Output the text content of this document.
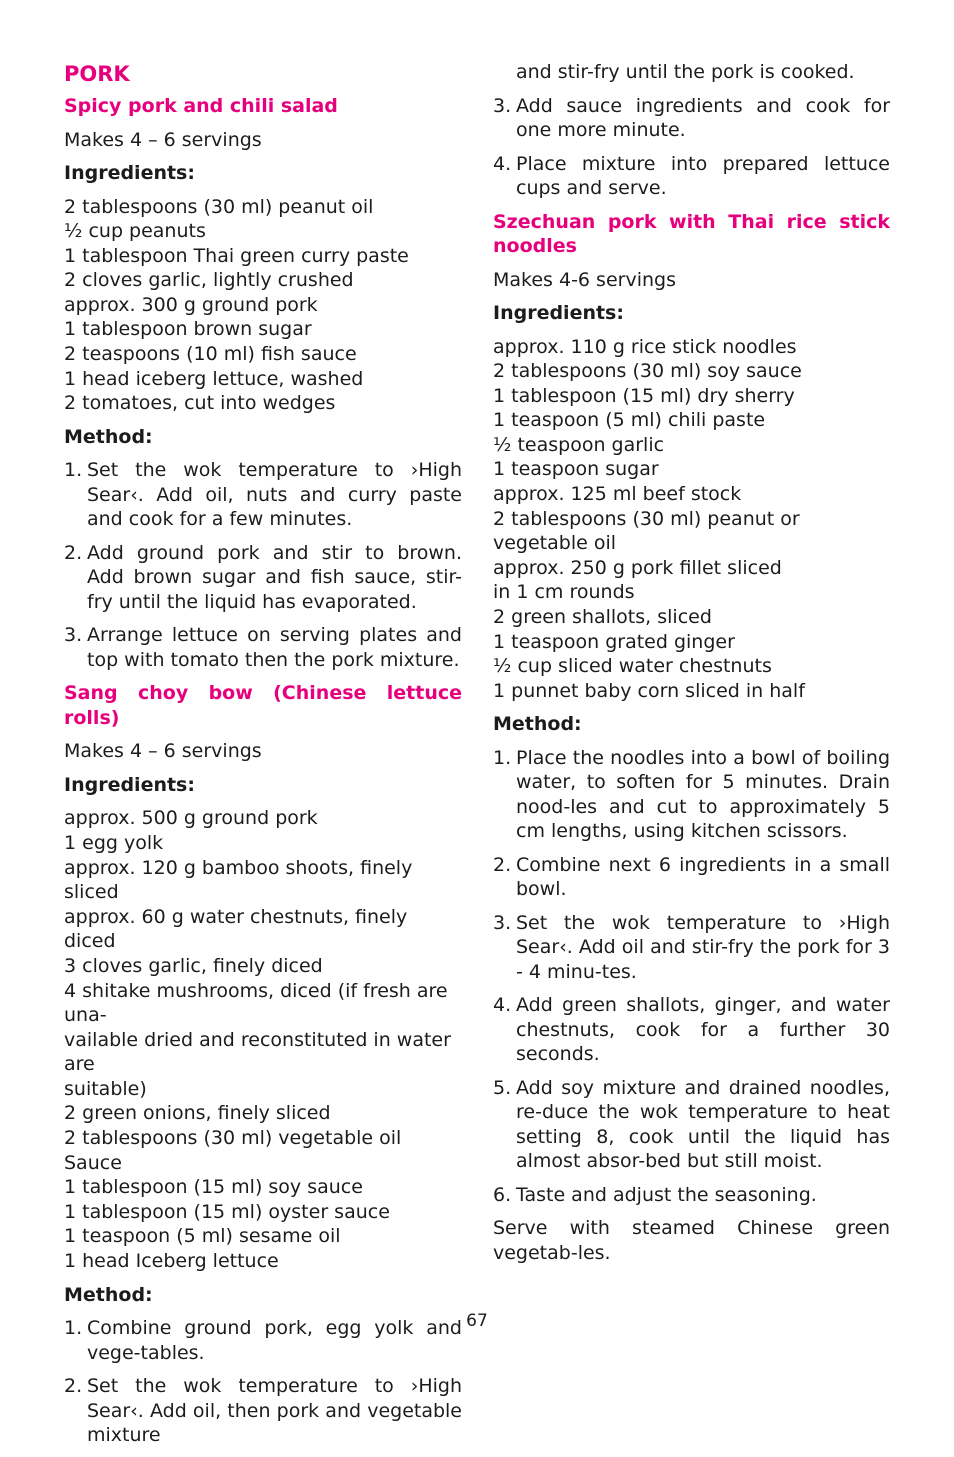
PORK
Spicy pork and chili salad
Makes 4 – 6 servings
Ingredients:
2 tablespoons (30 ml) peanut oil
½ cup peanuts
1 tablespoon Thai green curry paste
2 cloves garlic, lightly crushed
approx. 300 g ground pork
1 tablespoon brown sugar
2 teaspoons (10 ml) fish sauce
1 head iceberg lettuce, washed
2 tomatoes, cut into wedges
Method:
1. Set the wok temperature to ›High Sear‹. Add oil, nuts and curry paste and cook for a few minutes.
2. Add ground pork and stir to brown. Add brown sugar and fish sauce, stir-fry until the liquid has evaporated.
3. Arrange lettuce on serving plates and top with tomato then the pork mixture.
Sang choy bow (Chinese lettuce rolls)
Makes 4 – 6 servings
Ingredients:
approx. 500 g ground pork
1 egg yolk
approx. 120 g bamboo shoots, finely sliced
approx. 60 g water chestnuts, finely diced
3 cloves garlic, finely diced
4 shitake mushrooms, diced (if fresh are una-
vailable dried and reconstituted in water are
suitable)
2 green onions, finely sliced
2 tablespoons (30 ml) vegetable oil Sauce
1 tablespoon (15 ml) soy sauce
1 tablespoon (15 ml) oyster sauce
1 teaspoon (5 ml) sesame oil
1 head Iceberg lettuce
Method:
1. Combine ground pork, egg yolk and vege-tables.
2. Set the wok temperature to ›High Sear‹. Add oil, then pork and vegetable mixture
and stir-fry until the pork is cooked.
3. Add sauce ingredients and cook for one more minute.
4. Place mixture into prepared lettuce cups and serve.
Szechuan pork with Thai rice stick noodles
Makes 4-6 servings
Ingredients:
approx. 110 g rice stick noodles
2 tablespoons (30 ml) soy sauce
1 tablespoon (15 ml) dry sherry
1 teaspoon (5 ml) chili paste
½ teaspoon garlic
1 teaspoon sugar
approx. 125 ml beef stock
2 tablespoons (30 ml) peanut or
vegetable oil
approx. 250 g pork fillet sliced
in 1 cm rounds
2 green shallots, sliced
1 teaspoon grated ginger
½ cup sliced water chestnuts
1 punnet baby corn sliced in half
Method:
1. Place the noodles into a bowl of boiling water, to soften for 5 minutes. Drain nood-les and cut to approximately 5 cm lengths, using kitchen scissors.
2. Combine next 6 ingredients in a small bowl.
3. Set the wok temperature to ›High Sear‹. Add oil and stir-fry the pork for 3 - 4 minu-tes.
4. Add green shallots, ginger, and water chestnuts, cook for a further 30 seconds.
5. Add soy mixture and drained noodles, re-duce the wok temperature to heat setting 8, cook until the liquid has almost absor-bed but still moist.
6. Taste and adjust the seasoning.
Serve with steamed Chinese green vegetab-les.
67
